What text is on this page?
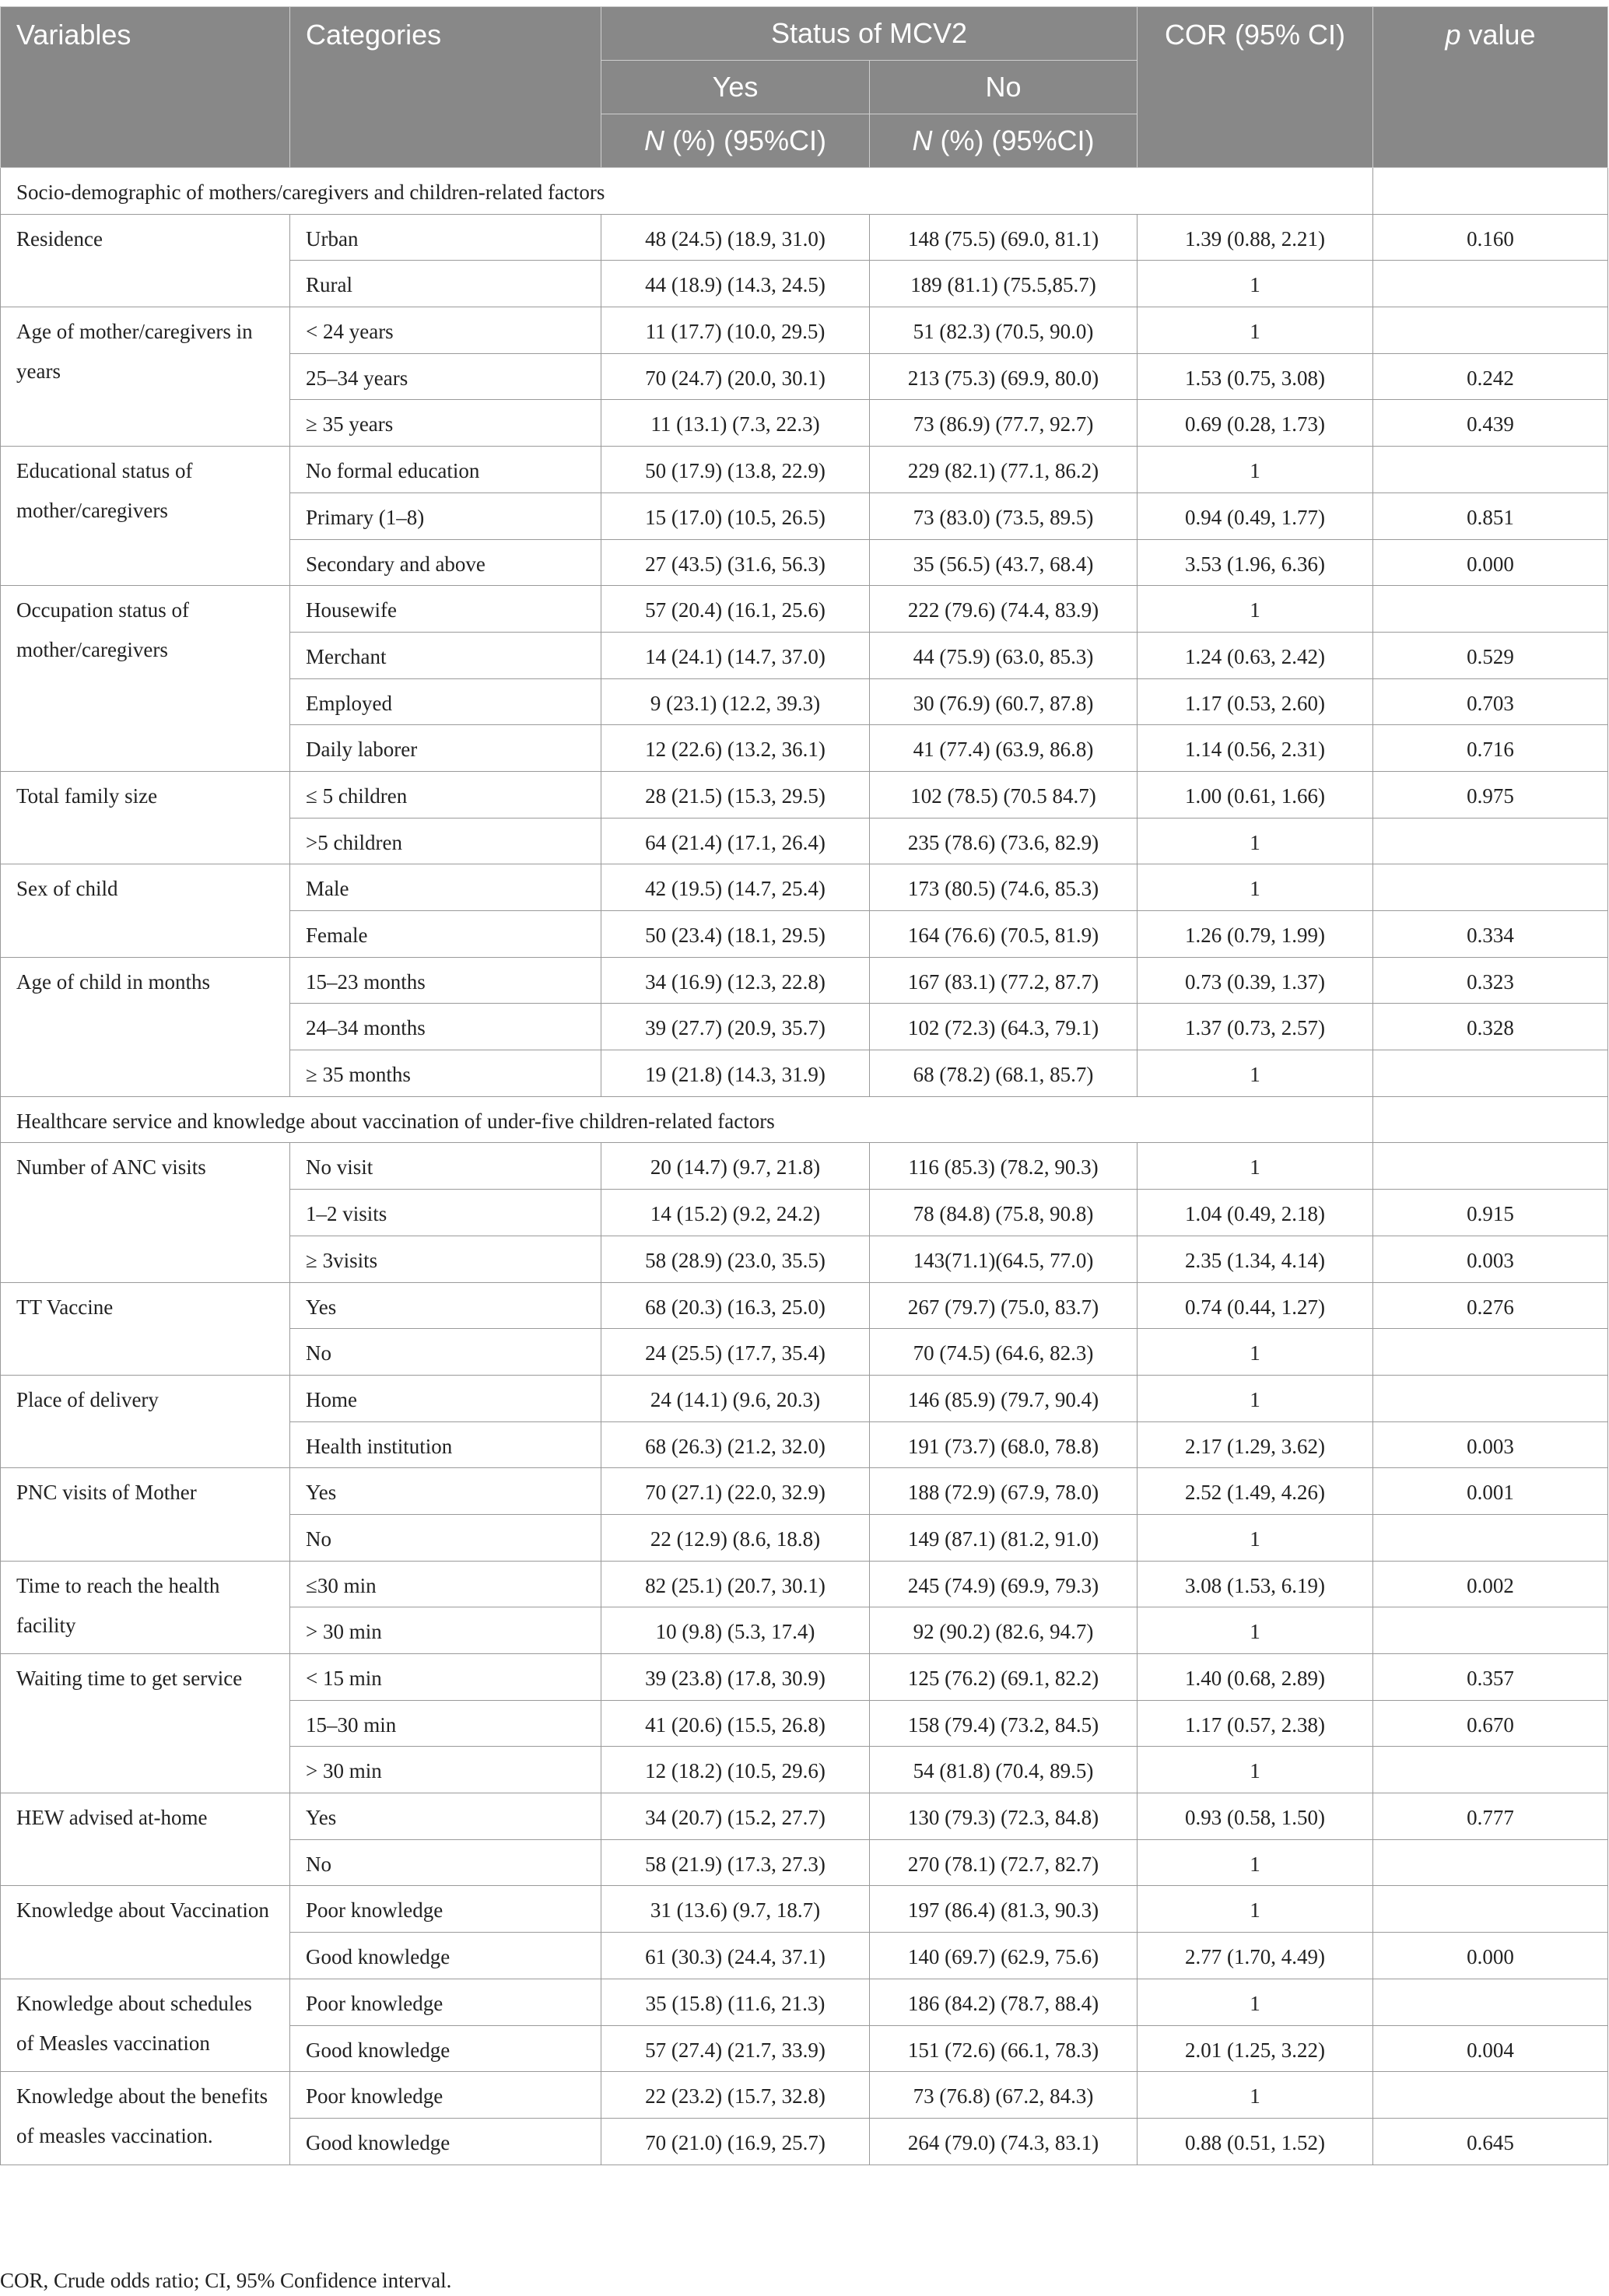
Variables	Categories	Status of MCV2		COR (95% CI)	p value
		Yes	No		
		N (%) (95%CI)	N (%) (95%CI)		
Socio-demographic of mothers/caregivers and children-related factors					
Residence	Urban	48 (24.5) (18.9, 31.0)	148 (75.5) (69.0, 81.1)	1.39 (0.88, 2.21)	0.160
	Rural	44 (18.9) (14.3, 24.5)	189 (81.1) (75.5,85.7)	1	
Age of mother/caregivers in years	< 24 years	11 (17.7) (10.0, 29.5)	51 (82.3) (70.5, 90.0)	1	
	25–34 years	70 (24.7) (20.0, 30.1)	213 (75.3) (69.9, 80.0)	1.53 (0.75, 3.08)	0.242
	≥ 35 years	11 (13.1) (7.3, 22.3)	73 (86.9) (77.7, 92.7)	0.69 (0.28, 1.73)	0.439
Educational status of mother/caregivers	No formal education	50 (17.9) (13.8, 22.9)	229 (82.1) (77.1, 86.2)	1	
	Primary (1–8)	15 (17.0) (10.5, 26.5)	73 (83.0) (73.5, 89.5)	0.94 (0.49, 1.77)	0.851
	Secondary and above	27 (43.5) (31.6, 56.3)	35 (56.5) (43.7, 68.4)	3.53 (1.96, 6.36)	0.000
Occupation status of mother/caregivers	Housewife	57 (20.4) (16.1, 25.6)	222 (79.6) (74.4, 83.9)	1	
	Merchant	14 (24.1) (14.7, 37.0)	44 (75.9) (63.0, 85.3)	1.24 (0.63, 2.42)	0.529
	Employed	9 (23.1) (12.2, 39.3)	30 (76.9) (60.7, 87.8)	1.17 (0.53, 2.60)	0.703
	Daily laborer	12 (22.6) (13.2, 36.1)	41 (77.4) (63.9, 86.8)	1.14 (0.56, 2.31)	0.716
Total family size	≤ 5 children	28 (21.5) (15.3, 29.5)	102 (78.5) (70.5 84.7)	1.00 (0.61, 1.66)	0.975
	>5 children	64 (21.4) (17.1, 26.4)	235 (78.6) (73.6, 82.9)	1	
Sex of child	Male	42 (19.5) (14.7, 25.4)	173 (80.5) (74.6, 85.3)	1	
	Female	50 (23.4) (18.1, 29.5)	164 (76.6) (70.5, 81.9)	1.26 (0.79, 1.99)	0.334
Age of child in months	15–23 months	34 (16.9) (12.3, 22.8)	167 (83.1) (77.2, 87.7)	0.73 (0.39, 1.37)	0.323
	24–34 months	39 (27.7) (20.9, 35.7)	102 (72.3) (64.3, 79.1)	1.37 (0.73, 2.57)	0.328
	≥ 35 months	19 (21.8) (14.3, 31.9)	68 (78.2) (68.1, 85.7)	1	
Healthcare service and knowledge about vaccination of under-five children-related factors					
Number of ANC visits	No visit	20 (14.7) (9.7, 21.8)	116 (85.3) (78.2, 90.3)	1	
	1–2 visits	14 (15.2) (9.2, 24.2)	78 (84.8) (75.8, 90.8)	1.04 (0.49, 2.18)	0.915
	≥ 3visits	58 (28.9) (23.0, 35.5)	143(71.1)(64.5, 77.0)	2.35 (1.34, 4.14)	0.003
TT Vaccine	Yes	68 (20.3) (16.3, 25.0)	267 (79.7) (75.0, 83.7)	0.74 (0.44, 1.27)	0.276
	No	24 (25.5) (17.7, 35.4)	70 (74.5) (64.6, 82.3)	1	
Place of delivery	Home	24 (14.1) (9.6, 20.3)	146 (85.9) (79.7, 90.4)	1	
	Health institution	68 (26.3) (21.2, 32.0)	191 (73.7) (68.0, 78.8)	2.17 (1.29, 3.62)	0.003
PNC visits of Mother	Yes	70 (27.1) (22.0, 32.9)	188 (72.9) (67.9, 78.0)	2.52 (1.49, 4.26)	0.001
	No	22 (12.9) (8.6, 18.8)	149 (87.1) (81.2, 91.0)	1	
Time to reach the health facility	≤30 min	82 (25.1) (20.7, 30.1)	245 (74.9) (69.9, 79.3)	3.08 (1.53, 6.19)	0.002
	> 30 min	10 (9.8) (5.3, 17.4)	92 (90.2) (82.6, 94.7)	1	
Waiting time to get service	< 15 min	39 (23.8) (17.8, 30.9)	125 (76.2) (69.1, 82.2)	1.40 (0.68, 2.89)	0.357
	15–30 min	41 (20.6) (15.5, 26.8)	158 (79.4) (73.2, 84.5)	1.17 (0.57, 2.38)	0.670
	> 30 min	12 (18.2) (10.5, 29.6)	54 (81.8) (70.4, 89.5)	1	
HEW advised at-home	Yes	34 (20.7) (15.2, 27.7)	130 (79.3) (72.3, 84.8)	0.93 (0.58, 1.50)	0.777
	No	58 (21.9) (17.3, 27.3)	270 (78.1) (72.7, 82.7)	1	
Knowledge about Vaccination	Poor knowledge	31 (13.6) (9.7, 18.7)	197 (86.4) (81.3, 90.3)	1	
	Good knowledge	61 (30.3) (24.4, 37.1)	140 (69.7) (62.9, 75.6)	2.77 (1.70, 4.49)	0.000
Knowledge about schedules of Measles vaccination	Poor knowledge	35 (15.8) (11.6, 21.3)	186 (84.2) (78.7, 88.4)	1	
	Good knowledge	57 (27.4) (21.7, 33.9)	151 (72.6) (66.1, 78.3)	2.01 (1.25, 3.22)	0.004
Knowledge about the benefits of measles vaccination.	Poor knowledge	22 (23.2) (15.7, 32.8)	73 (76.8) (67.2, 84.3)	1	
	Good knowledge	70 (21.0) (16.9, 25.7)	264 (79.0) (74.3, 83.1)	0.88 (0.51, 1.52)	0.645
COR, Crude odds ratio; CI, 95% Confidence interval.
